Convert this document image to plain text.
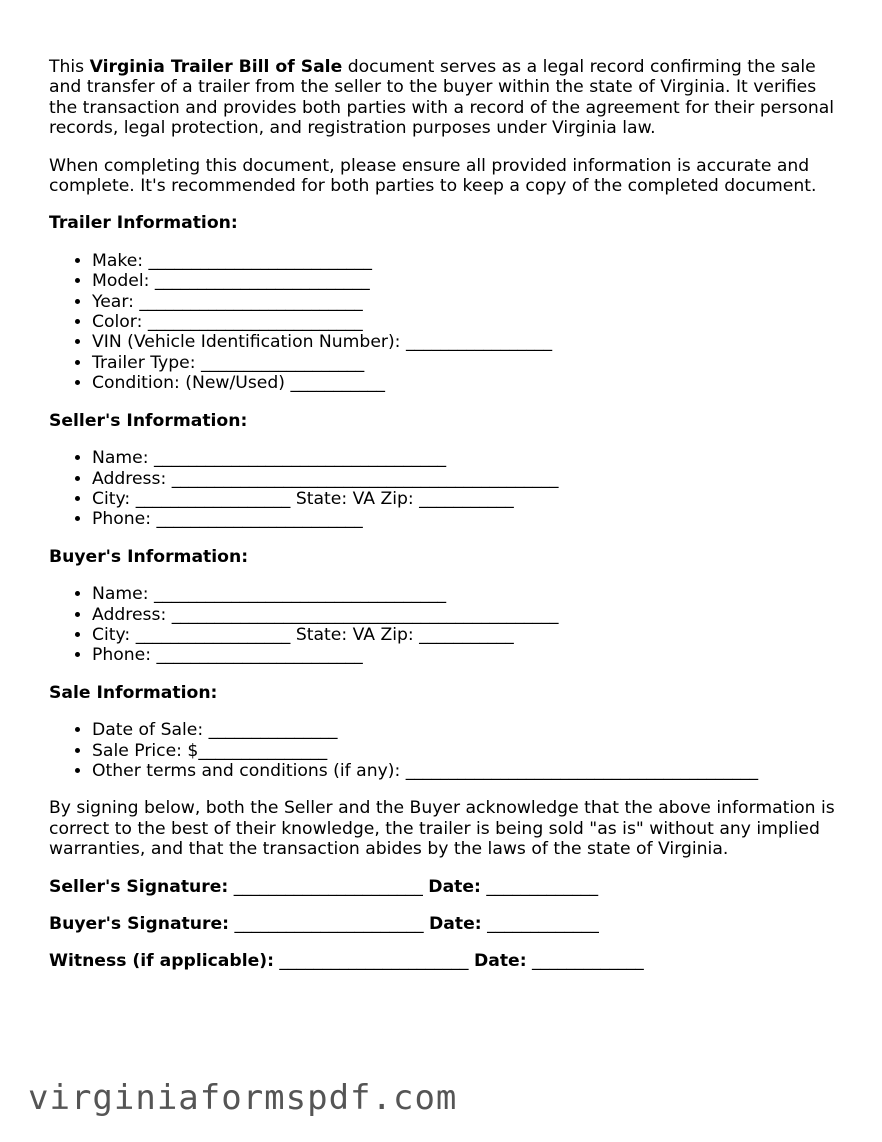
This Virginia Trailer Bill of Sale document serves as a legal record confirming the sale and transfer of a trailer from the seller to the buyer within the state of Virginia. It verifies the transaction and provides both parties with a record of the agreement for their personal records, legal protection, and registration purposes under Virginia law.

When completing this document, please ensure all provided information is accurate and complete. It's recommended for both parties to keep a copy of the completed document.

Trailer Information:
• Make: __________________________
• Model: _________________________
• Year: __________________________
• Color: _________________________
• VIN (Vehicle Identification Number): _________________
• Trailer Type: ___________________
• Condition: (New/Used) ___________
Seller's Information:
• Name: __________________________________
• Address: _____________________________________________
• City: __________________ State: VA Zip: ___________
• Phone: ________________________
Buyer's Information:
• Name: __________________________________
• Address: _____________________________________________
• City: __________________ State: VA Zip: ___________
• Phone: ________________________
Sale Information:
• Date of Sale: _______________
• Sale Price: $_______________
• Other terms and conditions (if any): _________________________________________

By signing below, both the Seller and the Buyer acknowledge that the above information is correct to the best of their knowledge, the trailer is being sold "as is" without any implied warranties, and that the transaction abides by the laws of the state of Virginia.

Seller's Signature: ______________________ Date: _____________
Buyer's Signature: ______________________ Date: _____________
Witness (if applicable): ______________________ Date: _____________
virginiaformspdf.com
